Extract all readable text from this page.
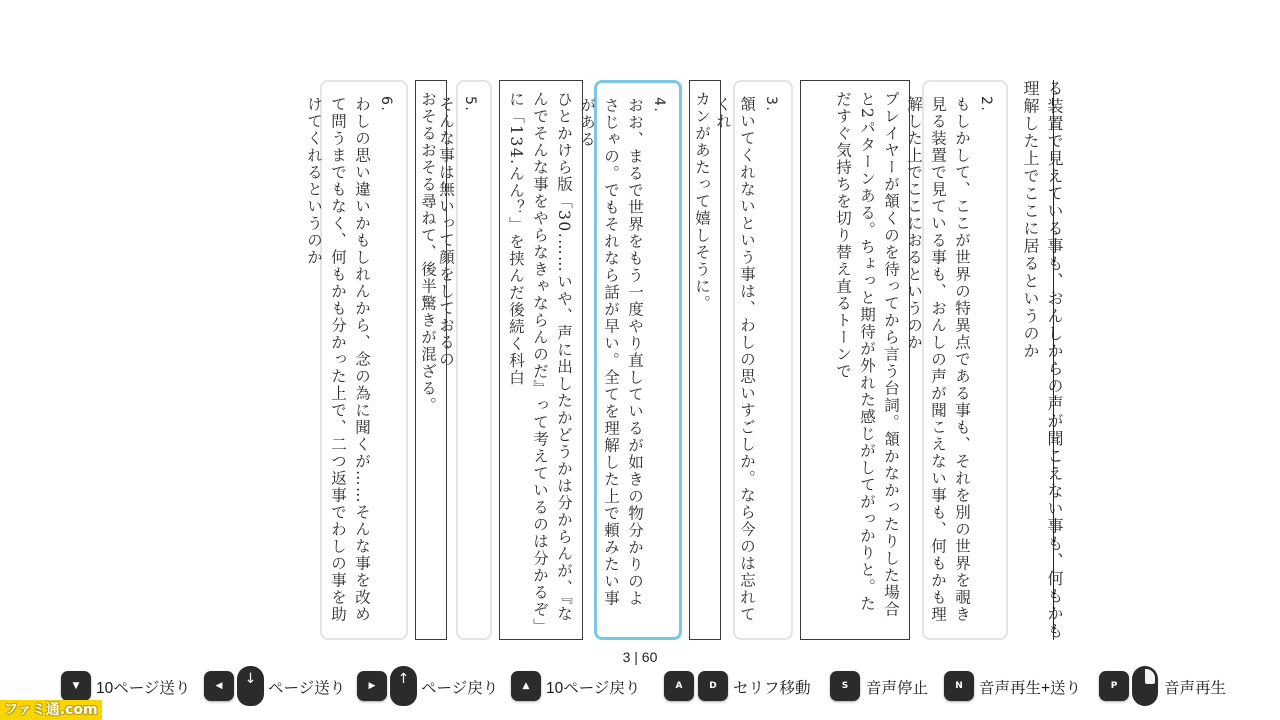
る装置で見えている事も、おんしからの声が聞こえない事も、何もかも理解した上でここに居るというのか
2.
もしかして、ここが世界の特異点である事も、それを別の世界を覗き見る装置で見ている事も、おんしの声が聞こえない事も、何もかも理解した上でここにおるというのか
プレイヤーが頷くのを待ってから言う台詞。頷かなかったりした場合と2パターンある。ちょっと期待が外れた感じがしてがっかりと。ただすぐ気持ちを切り替え直るトーンで
3.
頷いてくれないという事は、わしの思いすごしか。なら今のは忘れてくれ
カンがあたって嬉しそうに。
4.
おお、まるで世界をもう一度やり直しているが如きの物分かりのよさじゃの。でもそれなら話が早い。全てを理解した上で頼みたい事がある
ひとかけら版「30.……いや、声に出したかどうかは分からんが、『なんでそんな事をやらなきゃならんのだ』って考えているのは分かるぞ」に「134.んん？」を挟んだ後続く科白
5.
そんな事は無いって顔をしておるの
おそるおそる尋ねて、後半驚きが混ざる。
6.
わしの思い違いかもしれんから、念の為に聞くが……そんな事を改めて問うまでもなく、何もかも分かった上で、二つ返事でわしの事を助けてくれるというのか
3 | 60
▼	10ページ送り	◀	↓
ページ送り	▶	↑
ページ戻り	▲	10ページ戻り	A	D	セリフ移動	S	音声停止	N	音声再生+送り	P	音声再生
ファミ通.com
